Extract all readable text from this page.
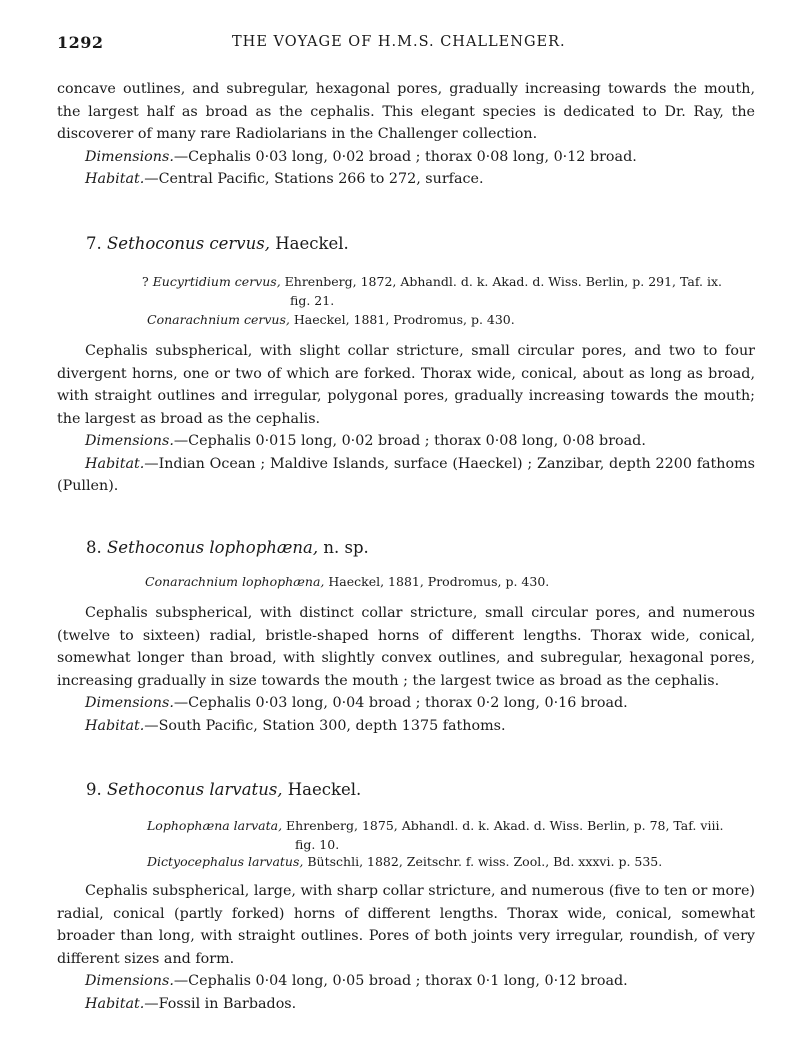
1292	THE VOYAGE OF H.M.S. CHALLENGER.

concave outlines, and subregular, hexagonal pores, gradually increasing towards the mouth, the largest half as broad as the cephalis. This elegant species is dedicated to Dr. Ray, the discoverer of many rare Radiolarians in the Challenger collection.

Dimensions.—Cephalis 0·03 long, 0·02 broad ; thorax 0·08 long, 0·12 broad.

Habitat.—Central Pacific, Stations 266 to 272, surface.

7. Sethoconus cervus, Haeckel.
? Eucyrtidium cervus, Ehrenberg, 1872, Abhandl. d. k. Akad. d. Wiss. Berlin, p. 291, Taf. ix.
fig. 21.
Conarachnium cervus, Haeckel, 1881, Prodromus, p. 430.

Cephalis subspherical, with slight collar stricture, small circular pores, and two to four divergent horns, one or two of which are forked. Thorax wide, conical, about as long as broad, with straight outlines and irregular, polygonal pores, gradually increasing towards the mouth; the largest as broad as the cephalis.

Dimensions.—Cephalis 0·015 long, 0·02 broad ; thorax 0·08 long, 0·08 broad.

Habitat.—Indian Ocean ; Maldive Islands, surface (Haeckel) ; Zanzibar, depth 2200 fathoms (Pullen).

8. Sethoconus lophophæna, n. sp.
Conarachnium lophophæna, Haeckel, 1881, Prodromus, p. 430.

Cephalis subspherical, with distinct collar stricture, small circular pores, and numerous (twelve to sixteen) radial, bristle-shaped horns of different lengths. Thorax wide, conical, somewhat longer than broad, with slightly convex outlines, and subregular, hexagonal pores, increasing gradually in size towards the mouth ; the largest twice as broad as the cephalis.

Dimensions.—Cephalis 0·03 long, 0·04 broad ; thorax 0·2 long, 0·16 broad.

Habitat.—South Pacific, Station 300, depth 1375 fathoms.

9. Sethoconus larvatus, Haeckel.
Lophophæna larvata, Ehrenberg, 1875, Abhandl. d. k. Akad. d. Wiss. Berlin, p. 78, Taf. viii.
fig. 10.
Dictyocephalus larvatus, Bütschli, 1882, Zeitschr. f. wiss. Zool., Bd. xxxvi. p. 535.

Cephalis subspherical, large, with sharp collar stricture, and numerous (five to ten or more) radial, conical (partly forked) horns of different lengths. Thorax wide, conical, somewhat broader than long, with straight outlines. Pores of both joints very irregular, roundish, of very different sizes and form.

Dimensions.—Cephalis 0·04 long, 0·05 broad ; thorax 0·1 long, 0·12 broad.

Habitat.—Fossil in Barbados.
